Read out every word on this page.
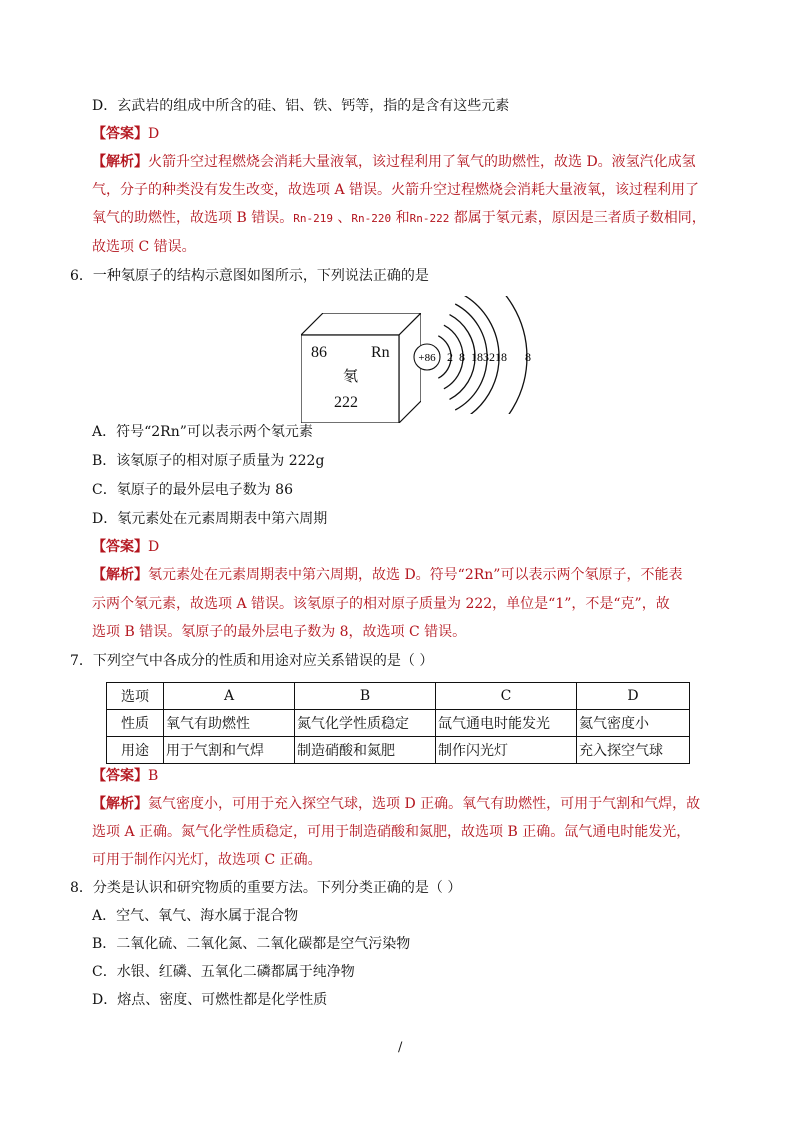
D．玄武岩的组成中所含的硅、铝、铁、钙等，指的是含有这些元素
【答案】D
【解析】火箭升空过程燃烧会消耗大量液氧，该过程利用了氧气的助燃性，故选 D。液氢汽化成氢
气，分子的种类没有发生改变，故选项 A 错误。火箭升空过程燃烧会消耗大量液氧，该过程利用了
氧气的助燃性，故选项 B 错误。Rn-219 、Rn-220 和Rn-222 都属于氡元素，原因是三者质子数相同，
故选项 C 错误。
6．一种氡原子的结构示意图如图所示，下列说法正确的是
86	Rn
氡
222
+86 2 8 18 32 18 8
A．符号“2Rn”可以表示两个氡元素
B．该氡原子的相对原子质量为 222g
C．氡原子的最外层电子数为 86
D．氡元素处在元素周期表中第六周期
【答案】D
【解析】氡元素处在元素周期表中第六周期，故选 D。符号“2Rn”可以表示两个氡原子，不能表
示两个氡元素，故选项 A 错误。该氡原子的相对原子质量为 222，单位是“1”，不是“克”，故
选项 B 错误。氡原子的最外层电子数为 8，故选项 C 错误。
7．下列空气中各成分的性质和用途对应关系错误的是（ ）
选项	A	B	C	D
性质	氧气有助燃性	氮气化学性质稳定	氙气通电时能发光	氦气密度小
用途	用于气割和气焊	制造硝酸和氮肥	制作闪光灯	充入探空气球
【答案】B
【解析】氦气密度小，可用于充入探空气球，选项 D 正确。氧气有助燃性，可用于气割和气焊，故
选项 A 正确。氮气化学性质稳定，可用于制造硝酸和氮肥，故选项 B 正确。氙气通电时能发光，
可用于制作闪光灯，故选项 C 正确。
8．分类是认识和研究物质的重要方法。下列分类正确的是（ ）
A．空气、氧气、海水属于混合物
B．二氧化硫、二氧化氮、二氧化碳都是空气污染物
C．水银、红磷、五氧化二磷都属于纯净物
D．熔点、密度、可燃性都是化学性质
/
